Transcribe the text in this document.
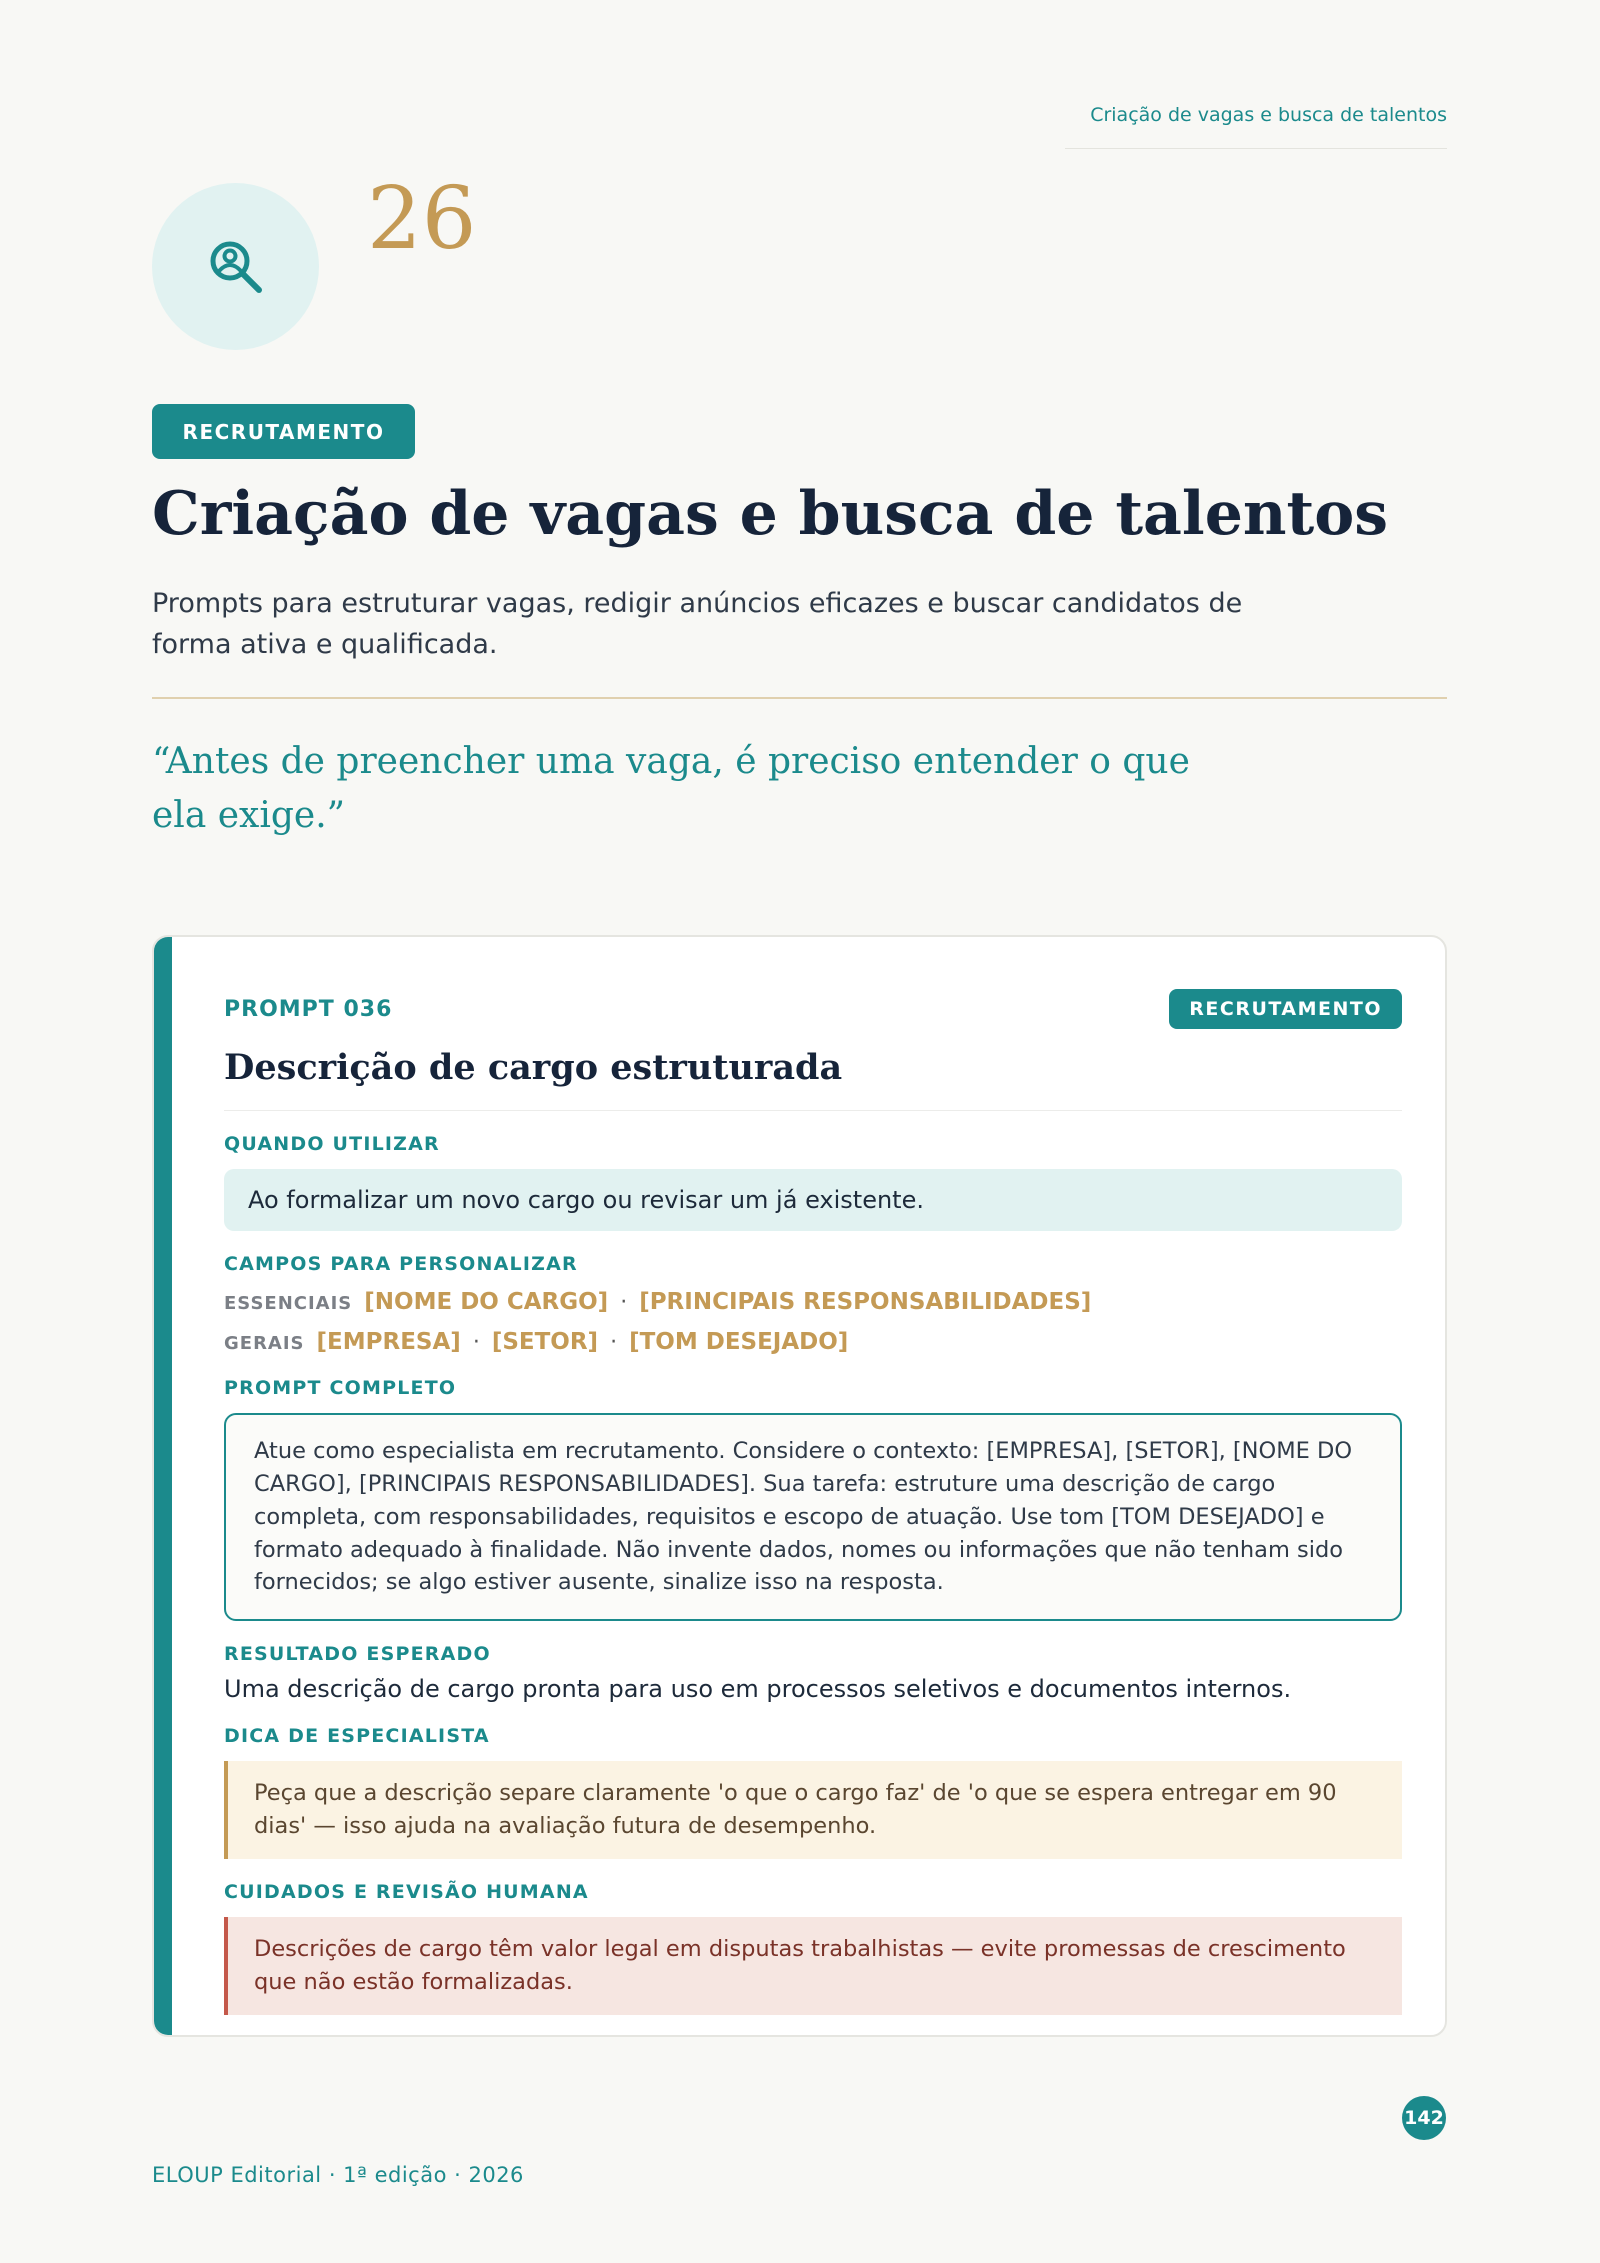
Criação de vagas e busca de talentos
26
RECRUTAMENTO
Criação de vagas e busca de talentos

Prompts para estruturar vagas, redigir anúncios eficazes e buscar candidatos de forma ativa e qualificada.

“Antes de preencher uma vaga, é preciso entender o que ela exige.”

PROMPT 036	RECRUTAMENTO
Descrição de cargo estruturada
QUANDO UTILIZAR
Ao formalizar um novo cargo ou revisar um já existente.
CAMPOS PARA PERSONALIZAR
ESSENCIAIS [NOME DO CARGO] · [PRINCIPAIS RESPONSABILIDADES]
GERAIS [EMPRESA] · [SETOR] · [TOM DESEJADO]
PROMPT COMPLETO
Atue como especialista em recrutamento. Considere o contexto: [EMPRESA], [SETOR], [NOME DO CARGO], [PRINCIPAIS RESPONSABILIDADES]. Sua tarefa: estruture uma descrição de cargo completa, com responsabilidades, requisitos e escopo de atuação. Use tom [TOM DESEJADO] e formato adequado à finalidade. Não invente dados, nomes ou informações que não tenham sido fornecidos; se algo estiver ausente, sinalize isso na resposta.
RESULTADO ESPERADO
Uma descrição de cargo pronta para uso em processos seletivos e documentos internos.
DICA DE ESPECIALISTA
Peça que a descrição separe claramente 'o que o cargo faz' de 'o que se espera entregar em 90 dias' — isso ajuda na avaliação futura de desempenho.
CUIDADOS E REVISÃO HUMANA
Descrições de cargo têm valor legal em disputas trabalhistas — evite promessas de crescimento que não estão formalizadas.
142
ELOUP Editorial · 1ª edição · 2026
